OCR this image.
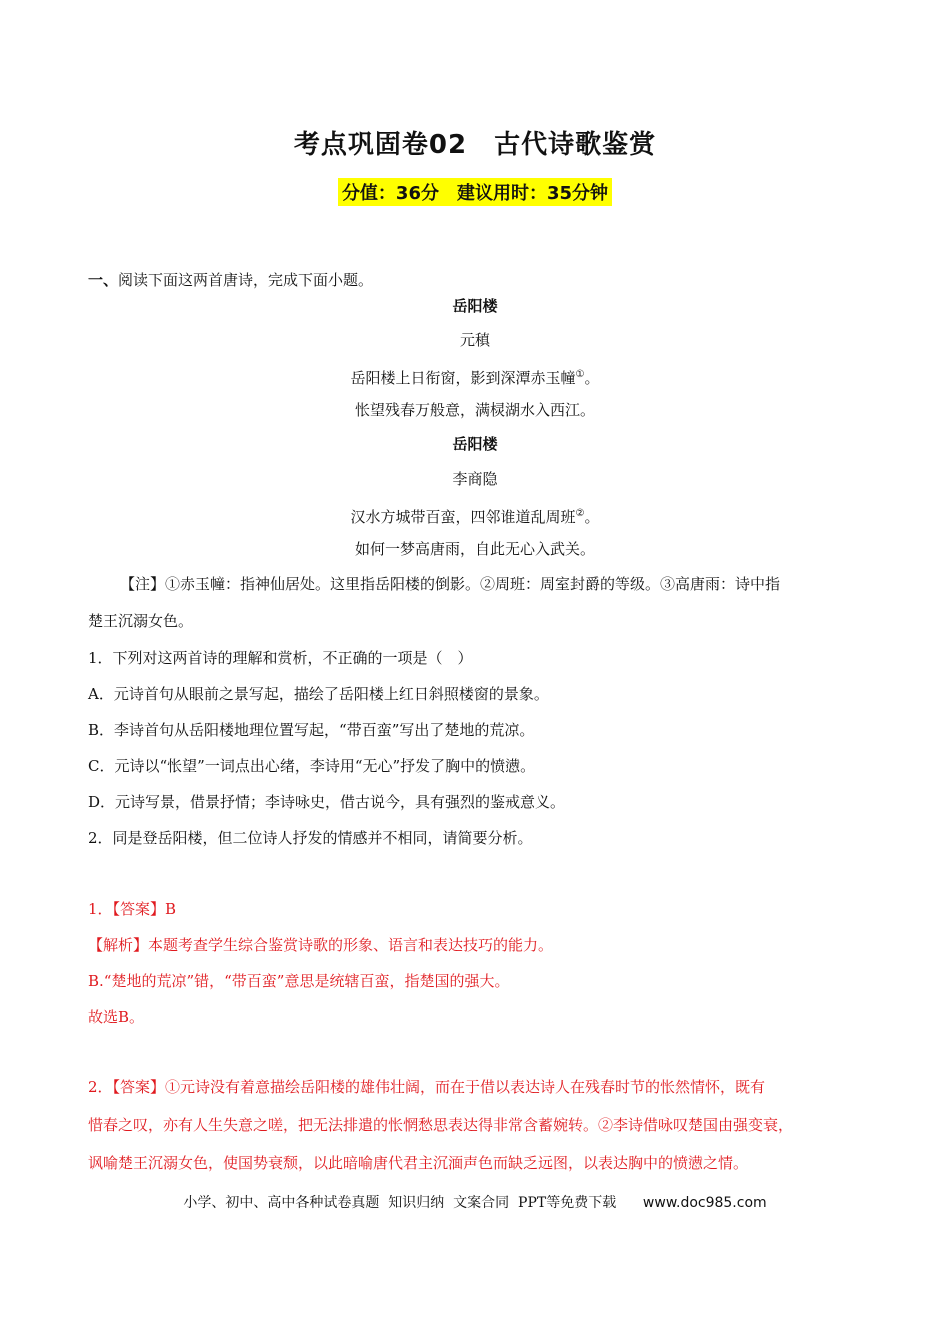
考点巩固卷02　古代诗歌鉴赏
分值：36分　建议用时：35分钟
一、阅读下面这两首唐诗，完成下面小题。
岳阳楼
元稹
岳阳楼上日衔窗，影到深潭赤玉幢①。
怅望残春万般意，满棂湖水入西江。
岳阳楼
李商隐
汉水方城带百蛮，四邻谁道乱周班②。
如何一梦高唐雨，自此无心入武关。
【注】①赤玉幢：指神仙居处。这里指岳阳楼的倒影。②周班：周室封爵的等级。③高唐雨：诗中指
楚王沉溺女色。
1．下列对这两首诗的理解和赏析，不正确的一项是（　）
A．元诗首句从眼前之景写起，描绘了岳阳楼上红日斜照楼窗的景象。
B．李诗首句从岳阳楼地理位置写起，“带百蛮”写出了楚地的荒凉。
C．元诗以“怅望”一词点出心绪，李诗用“无心”抒发了胸中的愤懑。
D．元诗写景，借景抒情；李诗咏史，借古说今，具有强烈的鉴戒意义。
2．同是登岳阳楼，但二位诗人抒发的情感并不相同，请简要分析。
1．【答案】B
【解析】本题考查学生综合鉴赏诗歌的形象、语言和表达技巧的能力。
B.“楚地的荒凉”错，“带百蛮”意思是统辖百蛮，指楚国的强大。
故选B。
2．【答案】①元诗没有着意描绘岳阳楼的雄伟壮阔，而在于借以表达诗人在残春时节的怅然情怀，既有
惜春之叹，亦有人生失意之嗟，把无法排遣的怅惘愁思表达得非常含蓄婉转。②李诗借咏叹楚国由强变衰，
讽喻楚王沉溺女色，使国势衰颓，以此暗喻唐代君主沉湎声色而缺乏远图，以表达胸中的愤懑之情。
小学、初中、高中各种试卷真题  知识归纳  文案合同  PPT等免费下载 www.doc985.com
